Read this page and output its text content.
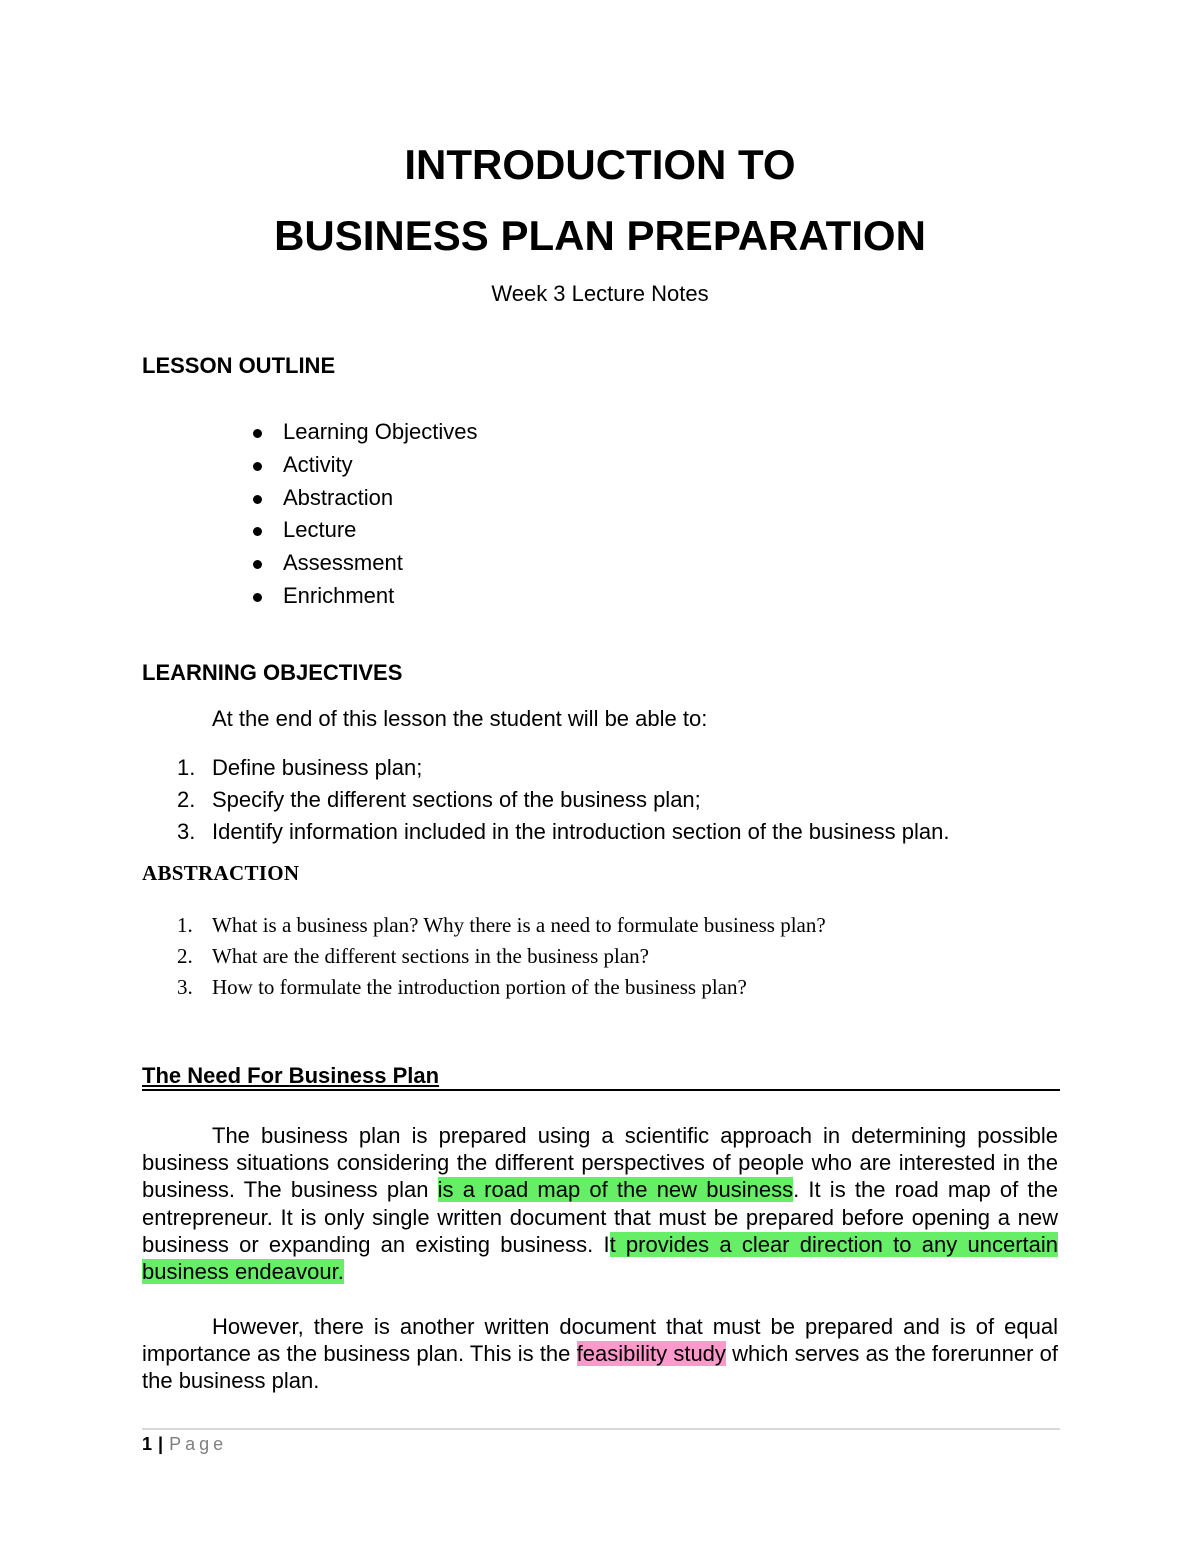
INTRODUCTION TO
BUSINESS PLAN PREPARATION
Week 3 Lecture Notes
LESSON OUTLINE
Learning Objectives
Activity
Abstraction
Lecture
Assessment
Enrichment
LEARNING OBJECTIVES
At the end of this lesson the student will be able to:
1. Define business plan;
2. Specify the different sections of the business plan;
3. Identify information included in the introduction section of the business plan.
ABSTRACTION
1. What is a business plan? Why there is a need to formulate business plan?
2. What are the different sections in the business plan?
3. How to formulate the introduction portion of the business plan?
The Need For Business Plan

The business plan is prepared using a scientific approach in determining possible business situations considering the different perspectives of people who are interested in the business. The business plan is a road map of the new business. It is the road map of the entrepreneur. It is only single written document that must be prepared before opening a new business or expanding an existing business. It provides a clear direction to any uncertain business endeavour.

However, there is another written document that must be prepared and is of equal importance as the business plan. This is the feasibility study which serves as the forerunner of the business plan.

1 | Page
